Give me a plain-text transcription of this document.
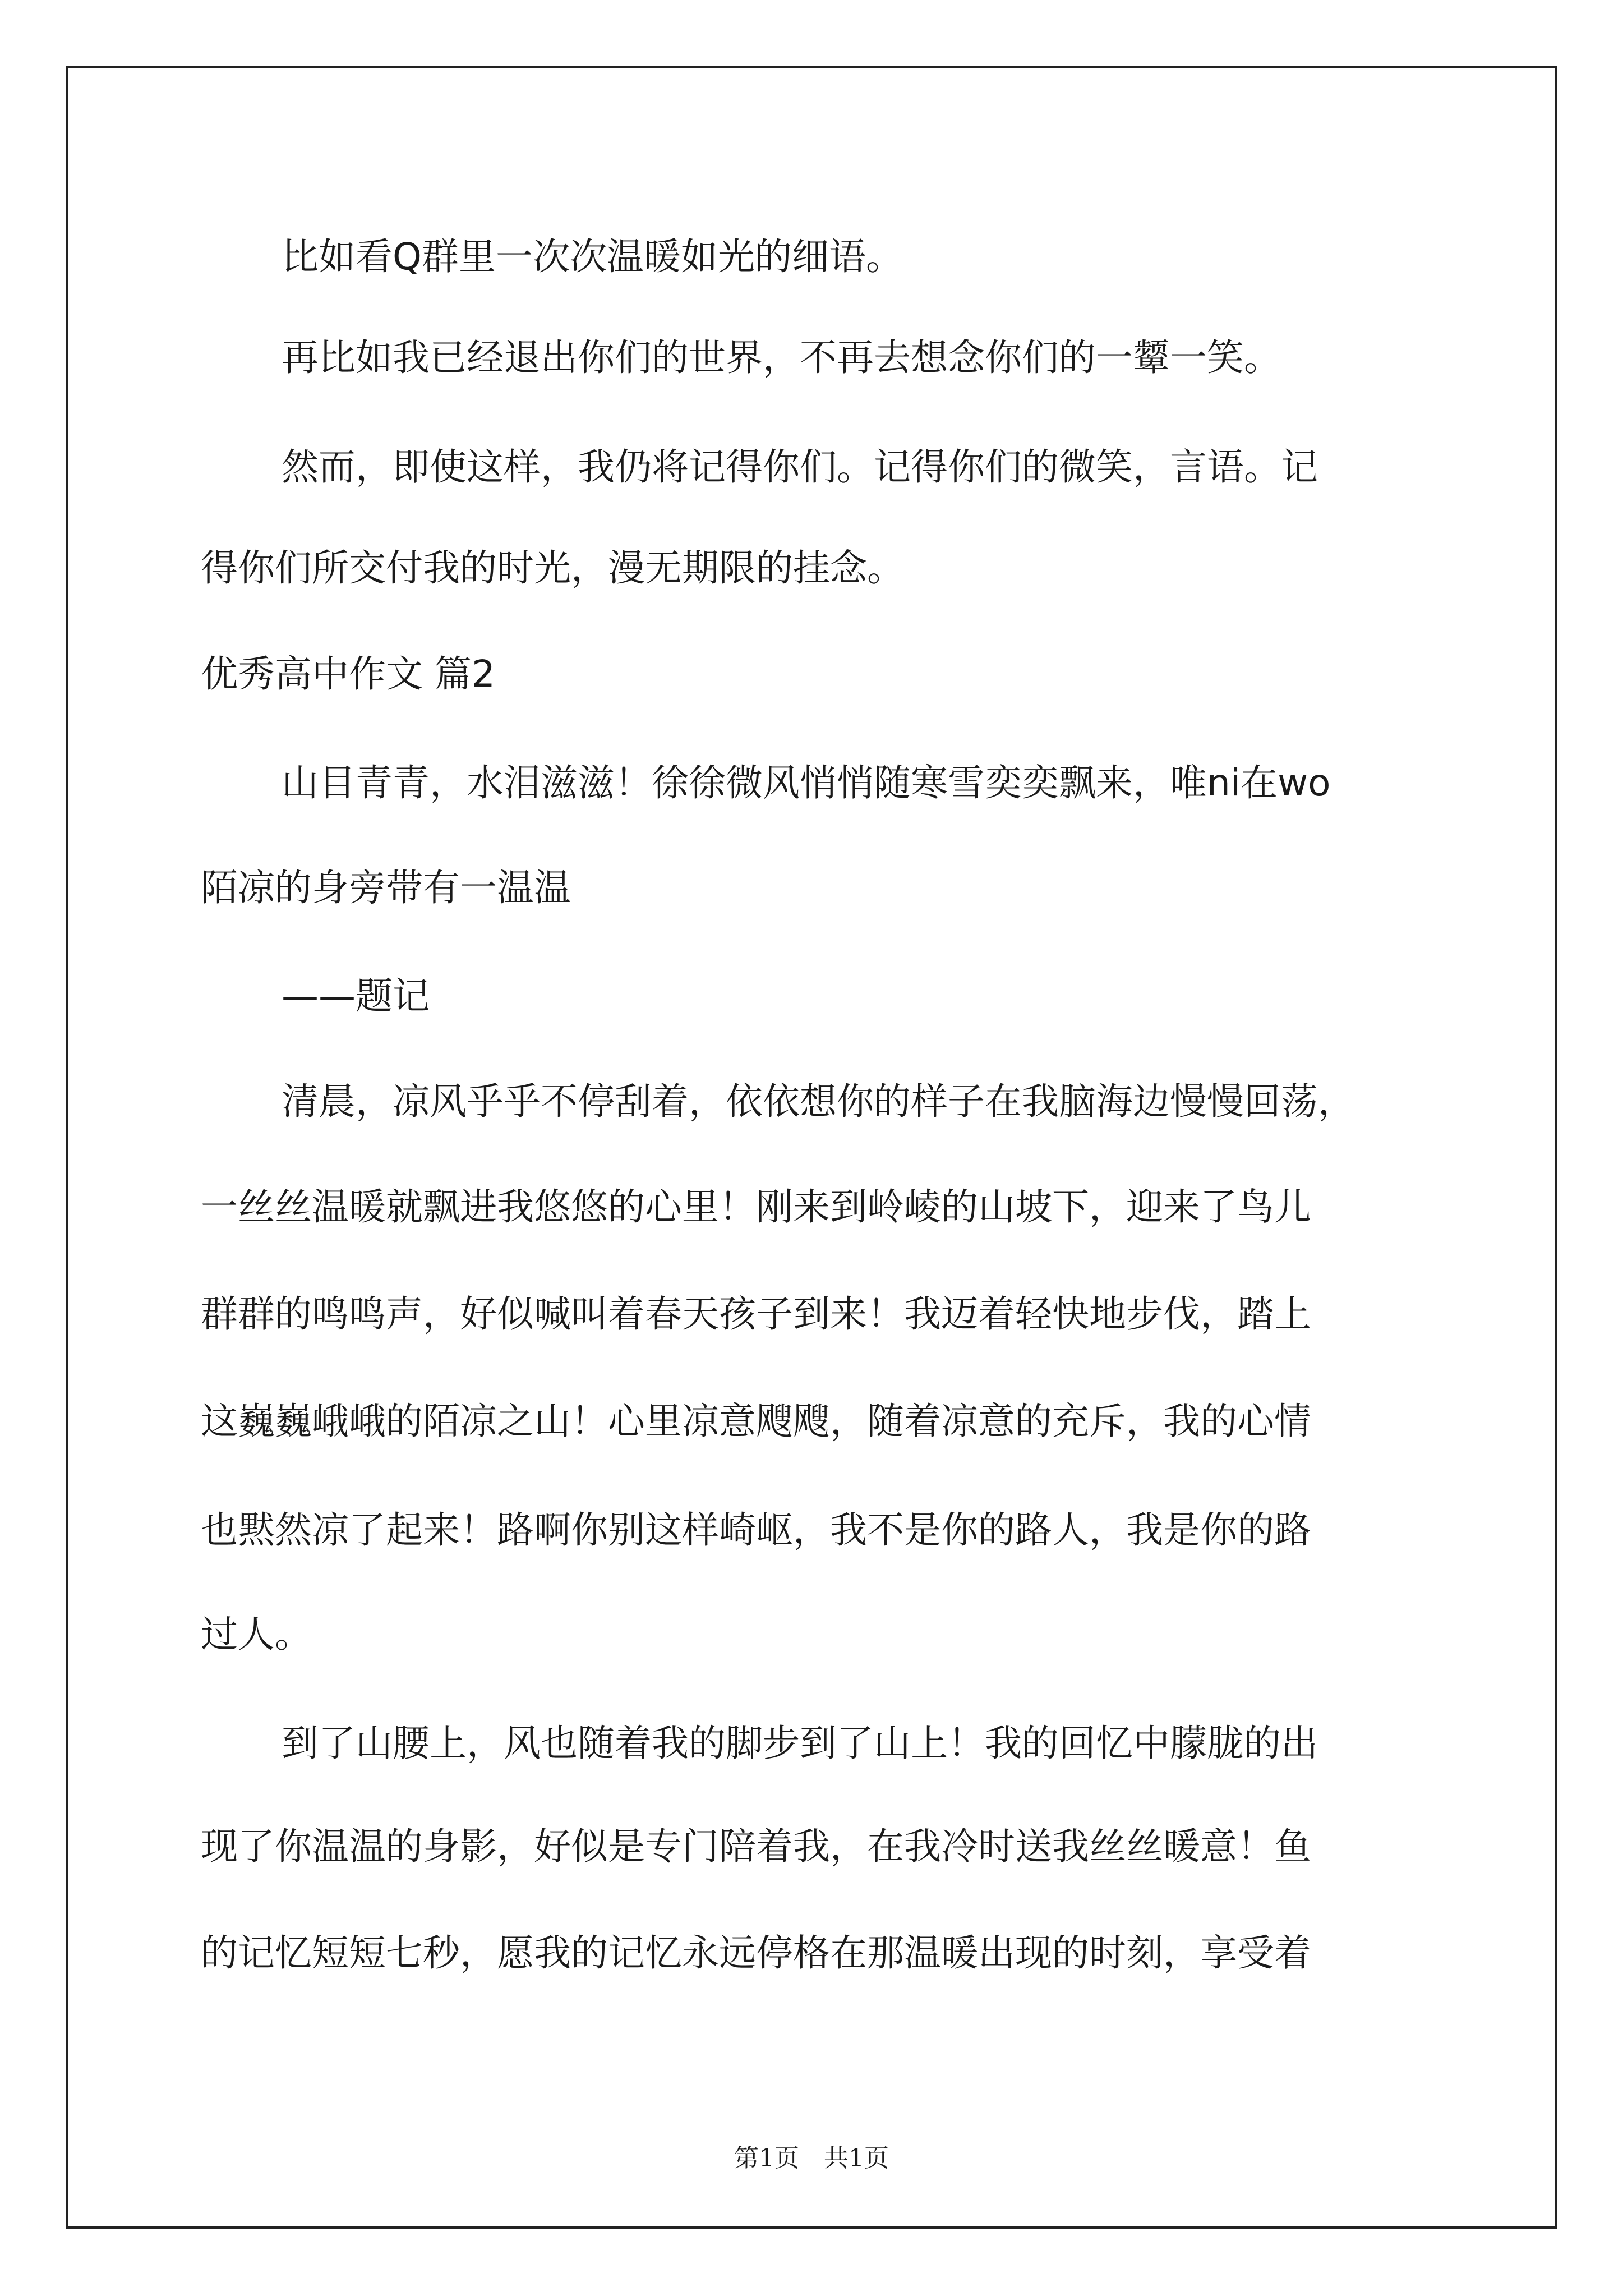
比如看Q群里一次次温暖如光的细语。
再比如我已经退出你们的世界，不再去想念你们的一颦一笑。
然而，即使这样，我仍将记得你们。记得你们的微笑，言语。记
得你们所交付我的时光，漫无期限的挂念。
优秀高中作文 篇2
山目青青，水泪滋滋！徐徐微风悄悄随寒雪奕奕飘来，唯ni在wo
陌凉的身旁带有一温温
——题记
清晨，凉风乎乎不停刮着，依依想你的样子在我脑海边慢慢回荡，
一丝丝温暖就飘进我悠悠的心里！刚来到岭崚的山坡下，迎来了鸟儿
群群的鸣鸣声，好似喊叫着春天孩子到来！我迈着轻快地步伐，踏上
这巍巍峨峨的陌凉之山！心里凉意飕飕，随着凉意的充斥，我的心情
也黙然凉了起来！路啊你别这样崎岖，我不是你的路人，我是你的路
过人。
到了山腰上，风也随着我的脚步到了山上！我的回忆中朦胧的出
现了你温温的身影，好似是专门陪着我，在我冷时送我丝丝暖意！鱼
的记忆短短七秒，愿我的记忆永远停格在那温暖出现的时刻，享受着
第1页　共1页
